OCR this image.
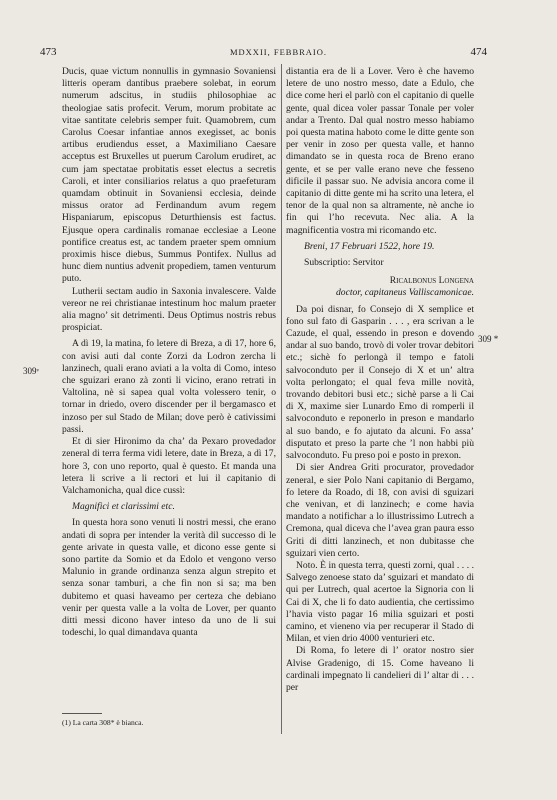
473	MDXXII, FEBBRAIO.	474
309ᵛ
309 *

Ducis, quae victum nonnullis in gymnasio Sovaniensi litteris operam dantibus praebere solebat, in eorum numerum adscitus, in studiis philosophiae ac theologiae satis profecit. Verum, morum probitate ac vitae santitate celebris semper fuit. Quamobrem, cum Carolus Coesar infantiae annos exegisset, ac bonis artibus erudiendus esset, a Maximiliano Caesare acceptus est Bruxelles ut puerum Carolum erudiret, ac cum jam spectatae probitatis esset electus a secretis Caroli, et inter consiliarios relatus a quo praefeturam quamdam obtinuit in Sovaniensi ecclesia, deinde missus orator ad Ferdinandum avum regem Hispaniarum, episcopus Deturthiensis est factus. Ejusque opera cardinalis romanae ecclesiae a Leone pontifice creatus est, ac tandem praeter spem omnium proximis hisce diebus, Summus Pontifex. Nullus ad hunc diem nuntius advenit propediem, tamen venturum puto.

Lutherii sectam audio in Saxonia invalescere. Valde vereor ne rei christianae intestinum hoc malum praeter alia magno’ sit detrimenti. Deus Optimus nostris rebus prospiciat.

A dì 19, la matina, fo letere di Breza, a dì 17, hore 6, con avisi auti dal conte Zorzi da Lodron zercha li lanzinech, quali erano aviati a la volta di Como, inteso che sguizari erano zà zonti li vicino, erano retrati in Valtolina, nè si sapea qual volta volessero tenir, o tornar in driedo, overo discender per il bergamasco et inzoso per sul Stado de Milan; dove però è cativissimi passi.

Et di sier Hironimo da cha’ da Pexaro provedador zeneral di terra ferma vidi letere, date in Breza, a dì 17, hore 3, con uno reporto, qual è questo. Et manda una letera li scrive a li rectori et lui il capitanio di Valchamonicha, qual dice cussì:

Magnifici et clarissimi etc.

In questa hora sono venuti li nostri messi, che erano andati di sopra per intender la verità dil successo di le gente arivate in questa valle, et dicono esse gente si sono partite da Somio et da Edolo et vengono verso Malunio in grande ordinanza senza algun strepito et senza sonar tamburi, a che fin non si sa; ma ben dubitemo et quasi haveamo per certeza che debiano venir per questa valle a la volta de Lover, per quanto ditti messi dicono haver inteso da uno de li sui todeschi, lo qual dimandava quanta

distantia era de li a Lover. Vero è che havemo letere de uno nostro messo, date a Edulo, che dice come heri el parlò con el capitanio di quelle gente, qual dicea voler passar Tonale per voler andar a Trento. Dal qual nostro messo habiamo poi questa matina haboto come le ditte gente son per venir in zoso per questa valle, et hanno dimandato se in questa roca de Breno erano gente, et se per valle erano neve che fesseno dificile il passar suo. Ne advisia ancora come il capitanio di ditte gente mi ha scrito una letera, el tenor de la qual non sa altramente, nè anche io fin qui l’ho recevuta. Nec alia. A la magnificentia vostra mi ricomando etc.

Breni, 17 Februari 1522, hore 19.

Subscriptio: Servitor

Ricalbonus Longena

doctor, capitaneus Valliscamonicae.

Da poi disnar, fo Consejo di X semplice et fono sul fato di Gasparin . . . , era scrivan a le Cazude, el qual, essendo in preson e dovendo andar al suo bando, trovò di voler trovar debitori etc.; sichè fo perlongà il tempo e fatoli salvoconduto per il Consejo di X et un’ altra volta perlongato; el qual feva mille novità, trovando debitori busi etc.; sichè parse a li Cai di X, maxime sier Lunardo Emo di romperli il salvoconduto e reponerlo in preson e mandarlo al suo bando, e fo ajutato da alcuni. Fo assa’ disputato et preso la parte che ’l non habbi più salvoconduto. Fu preso poi e posto in prexon.

Di sier Andrea Griti procurator, provedador zeneral, e sier Polo Nani capitanio di Bergamo, fo letere da Roado, di 18, con avisi di sguizari che venivan, et di lanzinech; e come havia mandato a notifichar a lo illustrissimo Lutrech a Cremona, qual diceva che l’avea gran paura esso Griti di ditti lanzinech, et non dubitasse che sguizari vien certo.

Noto. È in questa terra, questi zorni, qual . . . . Salvego zenoese stato da’ sguizari et mandato di qui per Lutrech, qual acertoe la Signoria con li Cai di X, che li fo dato audientia, che certissimo l’havia visto pagar 16 milia sguizari et posti camino, et vieneno via per recuperar il Stado di Milan, et vien drio 4000 venturieri etc.

Di Roma, fo letere di l’ orator nostro sier Alvise Gradenigo, di 15. Come haveano li cardinali impegnato li candelieri di l’ altar di . . . per

(1) La carta 308* è bianca.
